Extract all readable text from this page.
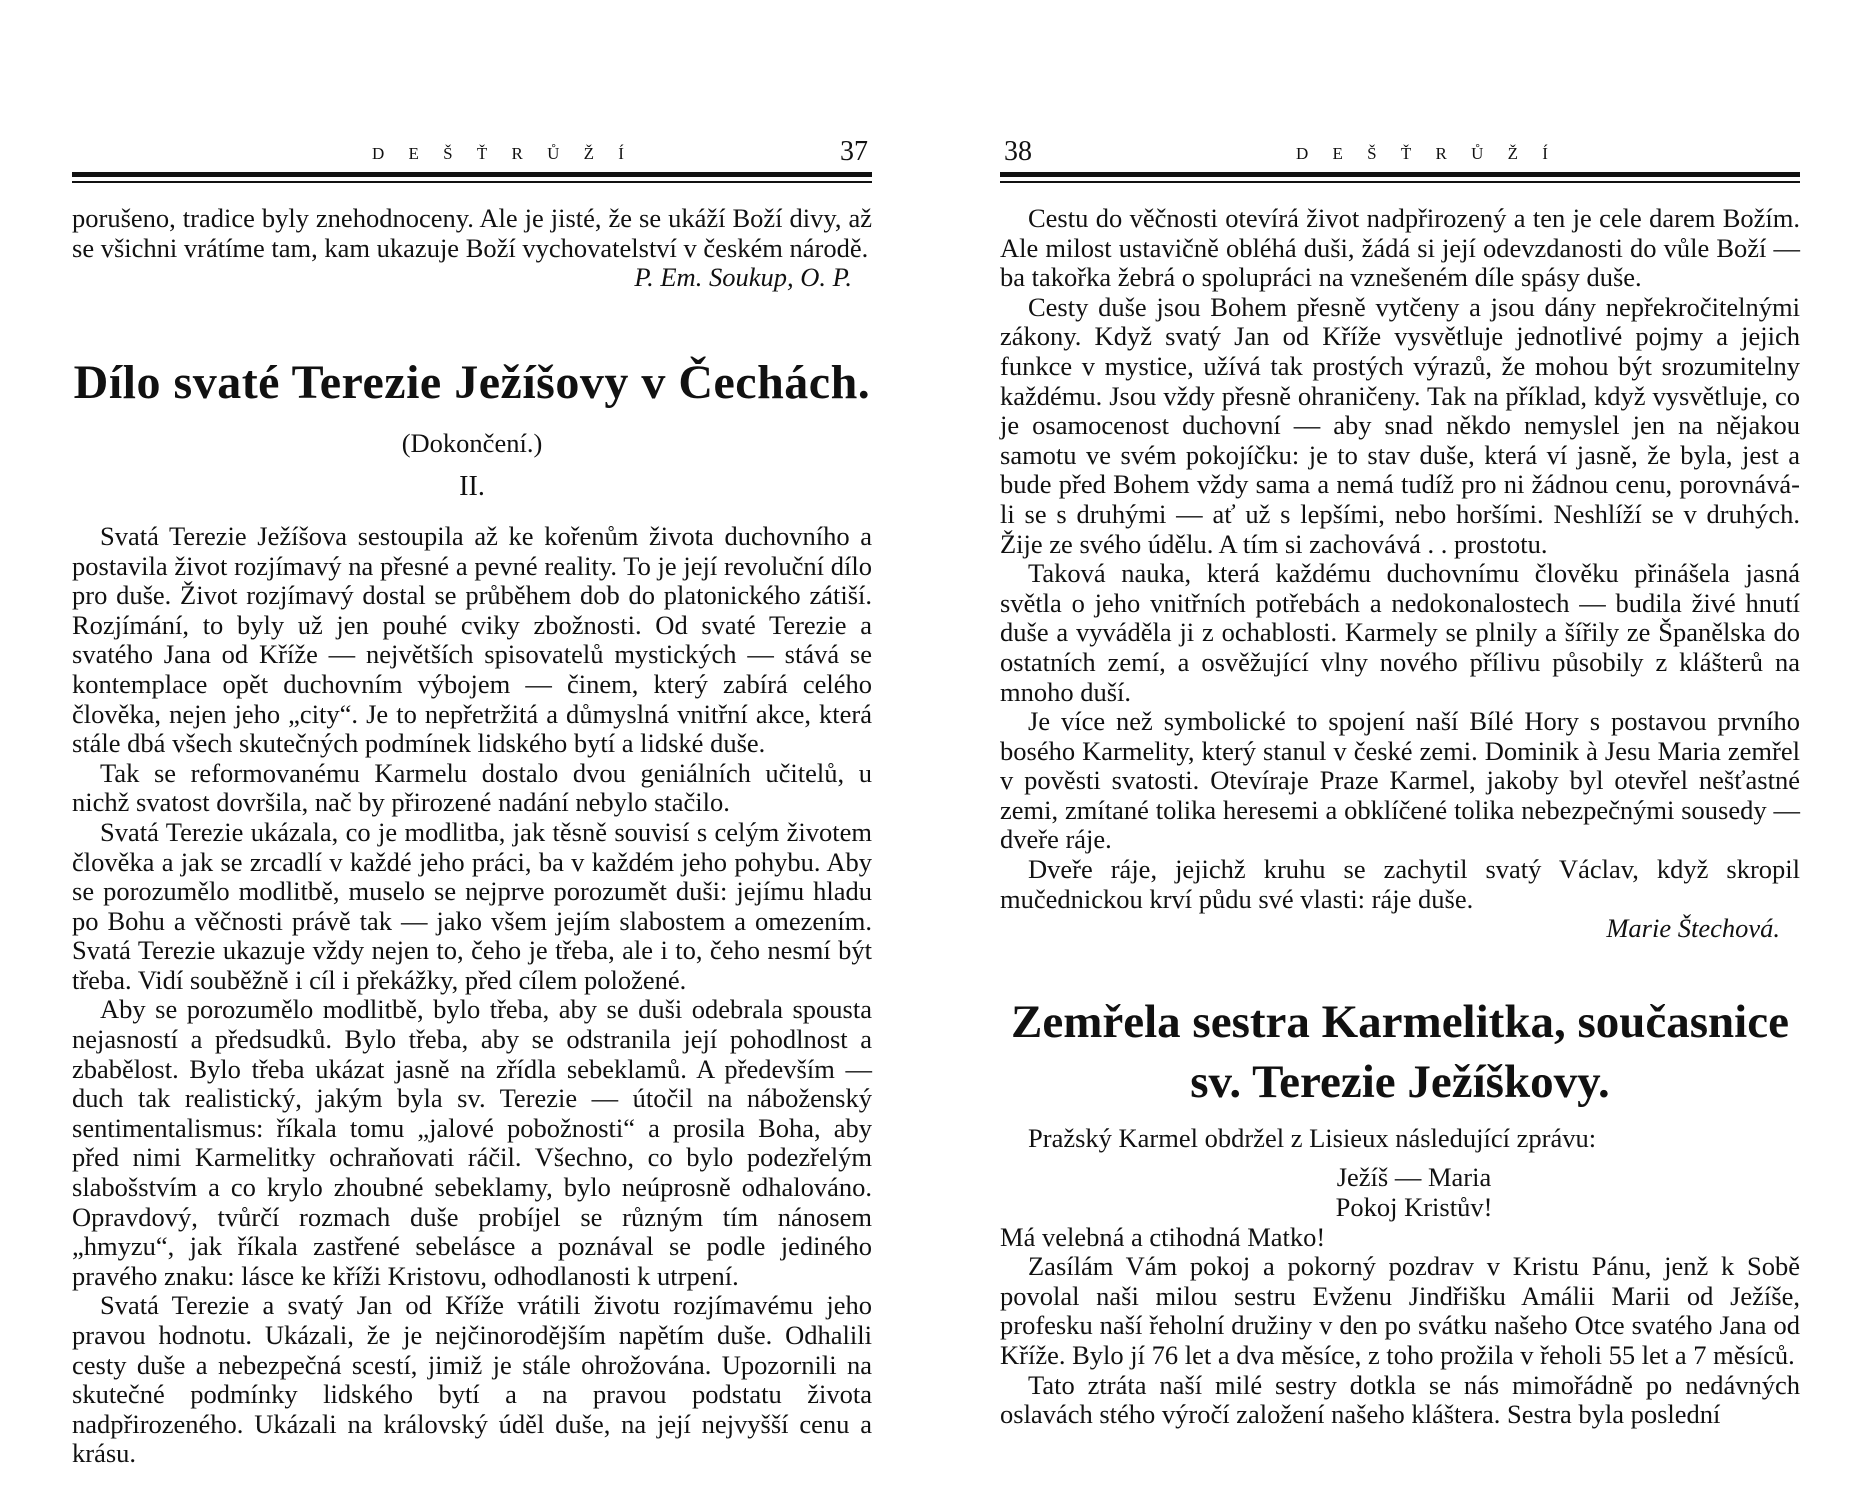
D E Š Ť R Ů Ž Í	37

porušeno, tradice byly znehodnoceny. Ale je jisté, že se ukáží Boží divy, až se všichni vrátíme tam, kam ukazuje Boží vychovatelství v českém národě.

P. Em. Soukup, O. P.

Dílo svaté Terezie Ježíšovy v Čechách.

(Dokončení.)

II.

Svatá Terezie Ježíšova sestoupila až ke kořenům života duchovního a postavila život rozjímavý na přesné a pevné reality. To je její revoluční dílo pro duše. Život rozjímavý dostal se průběhem dob do platonického zátiší. Rozjímání, to byly už jen pouhé cviky zbožnosti. Od svaté Terezie a svatého Jana od Kříže — největších spisovatelů mystických — stává se kontemplace opět duchovním výbojem — činem, který zabírá celého člověka, nejen jeho „city“. Je to nepřetržitá a důmyslná vnitřní akce, která stále dbá všech skutečných podmínek lidského bytí a lidské duše.

Tak se reformovanému Karmelu dostalo dvou geniálních učitelů, u nichž svatost dovršila, nač by přirozené nadání nebylo stačilo.

Svatá Terezie ukázala, co je modlitba, jak těsně souvisí s celým životem člověka a jak se zrcadlí v každé jeho práci, ba v každém jeho pohybu. Aby se porozumělo modlitbě, muselo se nejprve porozumět duši: jejímu hladu po Bohu a věčnosti právě tak — jako všem jejím slabostem a omezením. Svatá Terezie ukazuje vždy nejen to, čeho je třeba, ale i to, čeho nesmí být třeba. Vidí souběžně i cíl i překážky, před cílem položené.

Aby se porozumělo modlitbě, bylo třeba, aby se duši odebrala spousta nejasností a předsudků. Bylo třeba, aby se odstranila její pohodlnost a zbabělost. Bylo třeba ukázat jasně na zřídla sebeklamů. A především — duch tak realistický, jakým byla sv. Terezie — útočil na náboženský sentimentalismus: říkala tomu „jalové pobožnosti“ a prosila Boha, aby před nimi Karmelitky ochraňovati ráčil. Všechno, co bylo podezřelým slabošstvím a co krylo zhoubné sebeklamy, bylo neúprosně odhalováno. Opravdový, tvůrčí rozmach duše probíjel se různým tím nánosem „hmyzu“, jak říkala zastřené sebelásce a poznával se podle jediného pravého znaku: lásce ke kříži Kristovu, odhodlanosti k utrpení.

Svatá Terezie a svatý Jan od Kříže vrátili životu rozjímavému jeho pravou hodnotu. Ukázali, že je nejčinorodějším napětím duše. Odhalili cesty duše a nebezpečná scestí, jimiž je stále ohrožována. Upozornili na skutečné podmínky lidského bytí a na pravou podstatu života nadpřirozeného. Ukázali na královský úděl duše, na její nejvyšší cenu a krásu.

38	D E Š Ť R Ů Ž Í

Cestu do věčnosti otevírá život nadpřirozený a ten je cele darem Božím. Ale milost ustavičně obléhá duši, žádá si její odevzdanosti do vůle Boží — ba takořka žebrá o spolupráci na vznešeném díle spásy duše.

Cesty duše jsou Bohem přesně vytčeny a jsou dány nepřekročitelnými zákony. Když svatý Jan od Kříže vysvětluje jednotlivé pojmy a jejich funkce v mystice, užívá tak prostých výrazů, že mohou být srozumitelny každému. Jsou vždy přesně ohraničeny. Tak na příklad, když vysvětluje, co je osamocenost duchovní — aby snad někdo nemyslel jen na nějakou samotu ve svém pokojíčku: je to stav duše, která ví jasně, že byla, jest a bude před Bohem vždy sama a nemá tudíž pro ni žádnou cenu, porovnává-li se s druhými — ať už s lepšími, nebo horšími. Neshlíží se v druhých. Žije ze svého údělu. A tím si zachovává . . prostotu.

Taková nauka, která každému duchovnímu člověku přinášela jasná světla o jeho vnitřních potřebách a nedokonalostech — budila živé hnutí duše a vyváděla ji z ochablosti. Karmely se plnily a šířily ze Španělska do ostatních zemí, a osvěžující vlny nového přílivu působily z klášterů na mnoho duší.

Je více než symbolické to spojení naší Bílé Hory s postavou prvního bosého Karmelity, který stanul v české zemi. Dominik à Jesu Maria zemřel v pověsti svatosti. Otevíraje Praze Karmel, jakoby byl otevřel nešťastné zemi, zmítané tolika heresemi a obklíčené tolika nebezpečnými sousedy — dveře ráje.

Dveře ráje, jejichž kruhu se zachytil svatý Václav, když skropil mučednickou krví půdu své vlasti: ráje duše.

Marie Štechová.

Zemřela sestra Karmelitka, současnice
sv. Terezie Ježíškovy.

Pražský Karmel obdržel z Lisieux následující zprávu:

Ježíš — Maria

Pokoj Kristův!

Má velebná a ctihodná Matko!

Zasílám Vám pokoj a pokorný pozdrav v Kristu Pánu, jenž k Sobě povolal naši milou sestru Evženu Jindřišku Amálii Marii od Ježíše, profesku naší řeholní družiny v den po svátku našeho Otce svatého Jana od Kříže. Bylo jí 76 let a dva měsíce, z toho prožila v řeholi 55 let a 7 měsíců.

Tato ztráta naší milé sestry dotkla se nás mimořádně po nedávných oslavách stého výročí založení našeho kláštera. Sestra byla poslední
